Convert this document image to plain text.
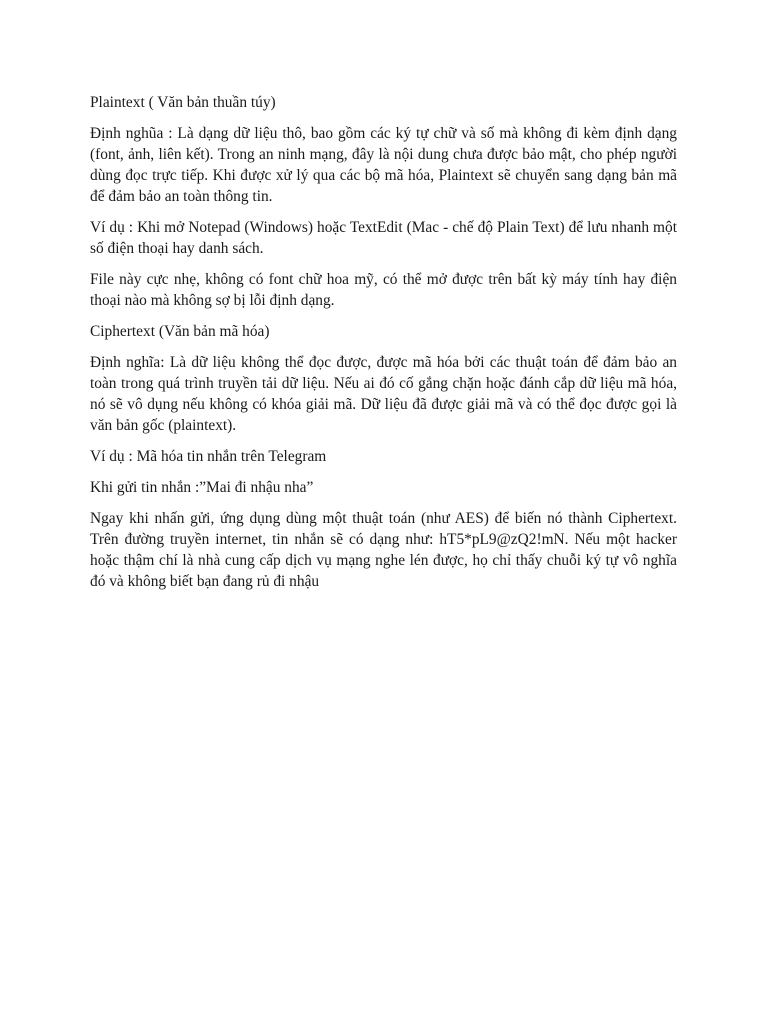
Plaintext ( Văn bản thuần túy)

Định nghũa : Là dạng dữ liệu thô, bao gồm các ký tự chữ và số mà không đi kèm định dạng (font, ảnh, liên kết). Trong an ninh mạng, đây là nội dung chưa được bảo mật, cho phép người dùng đọc trực tiếp. Khi được xử lý qua các bộ mã hóa, Plaintext sẽ chuyển sang dạng bản mã để đảm bảo an toàn thông tin.

Ví dụ : Khi mở Notepad (Windows) hoặc TextEdit (Mac - chế độ Plain Text) để lưu nhanh một số điện thoại hay danh sách.

File này cực nhẹ, không có font chữ hoa mỹ, có thể mở được trên bất kỳ máy tính hay điện thoại nào mà không sợ bị lỗi định dạng.

Ciphertext (Văn bản mã hóa)

Định nghĩa: Là dữ liệu không thể đọc được, được mã hóa bởi các thuật toán để đảm bảo an toàn trong quá trình truyền tải dữ liệu. Nếu ai đó cố gắng chặn hoặc đánh cắp dữ liệu mã hóa, nó sẽ vô dụng nếu không có khóa giải mã. Dữ liệu đã được giải mã và có thể đọc được gọi là văn bản gốc (plaintext).

Ví dụ : Mã hóa tin nhắn trên Telegram

Khi gửi tin nhắn :”Mai đi nhậu nha”

Ngay khi nhấn gửi, ứng dụng dùng một thuật toán (như AES) để biến nó thành Ciphertext. Trên đường truyền internet, tin nhắn sẽ có dạng như: hT5*pL9@zQ2!mN. Nếu một hacker hoặc thậm chí là nhà cung cấp dịch vụ mạng nghe lén được, họ chỉ thấy chuỗi ký tự vô nghĩa đó và không biết bạn đang rủ đi nhậu
